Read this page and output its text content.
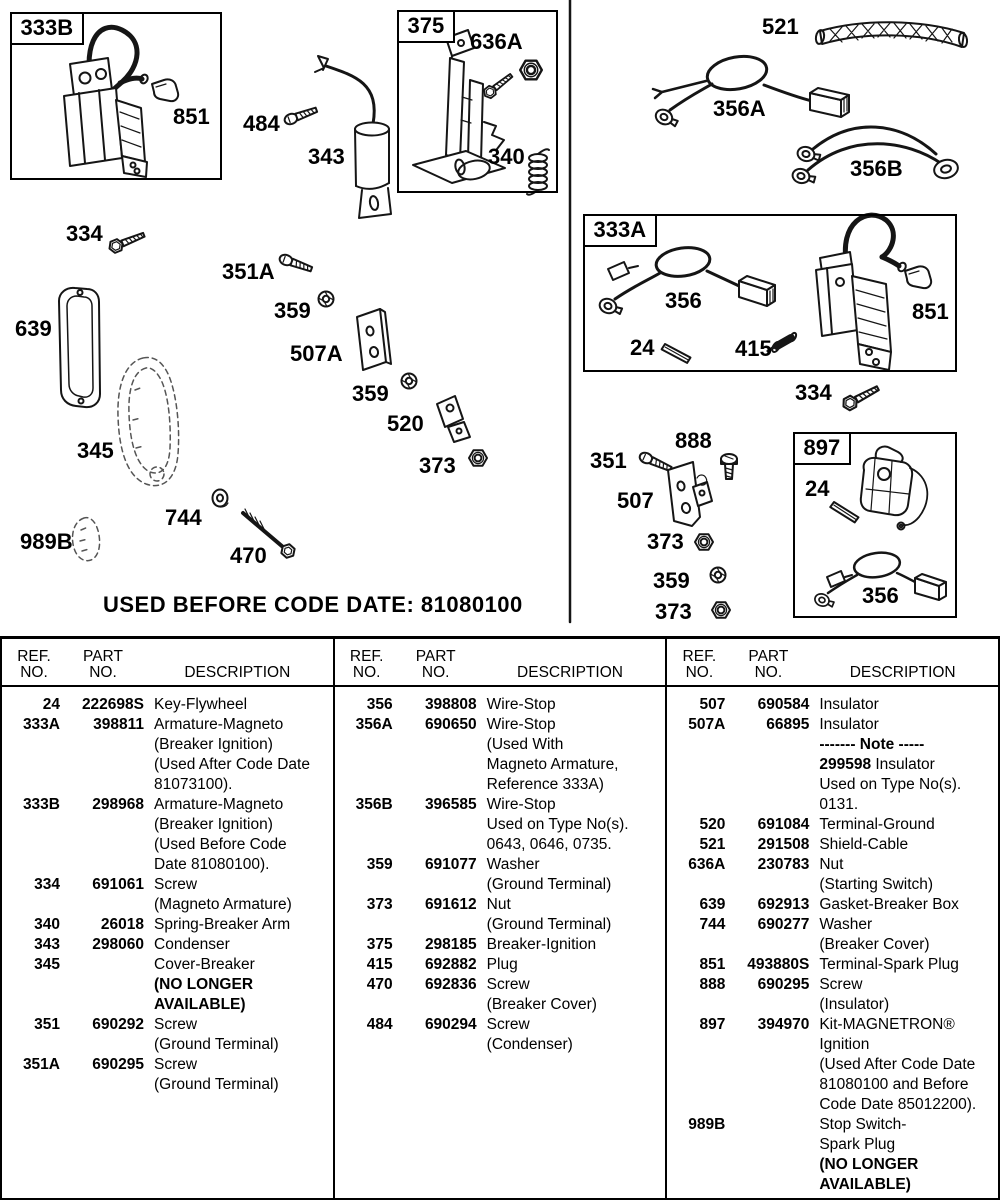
333B	375
333A
897
851 484
343
636A
340
521
356A
356B
356
24	415
851
334
334
639
351A
359
507A
359
520
373
345
744
470
989B
888
351
507
373
359
373
24
356
USED BEFORE CODE DATE: 81080100
REF.
NO.
PART
NO.	DESCRIPTION
24	222698S Key-Flywheel
333A	398811 Armature-Magneto
(Breaker Ignition)
(Used After Code Date
81073100).
333B	298968 Armature-Magneto
(Breaker Ignition)
(Used Before Code
Date 81080100).
334	691061 Screw
(Magneto Armature)
340	26018 Spring-Breaker Arm
343	298060 Condenser
345	Cover-Breaker
(NO LONGER
AVAILABLE)
351	690292 Screw
(Ground Terminal)
351A	690295 Screw
(Ground Terminal)
REF.
NO.
PART
NO.	DESCRIPTION
356	398808 Wire-Stop
356A	690650 Wire-Stop
(Used With
Magneto Armature,
Reference 333A)
356B	396585 Wire-Stop
Used on Type No(s).
0643, 0646, 0735.
359	691077 Washer
(Ground Terminal)
373	691612 Nut
(Ground Terminal)
375	298185 Breaker-Ignition
415	692882 Plug
470	692836 Screw
(Breaker Cover)
484	690294 Screw
(Condenser)
REF.
NO.
PART
NO.	DESCRIPTION
507	690584 Insulator
507A	66895 Insulator
------- Note -----
299598 Insulator
Used on Type No(s).
0131.
520	691084 Terminal-Ground
521	291508 Shield-Cable
636A	230783 Nut
(Starting Switch)
639	692913 Gasket-Breaker Box
744	690277 Washer
(Breaker Cover)
851	493880S Terminal-Spark Plug
888	690295 Screw
(Insulator)
897	394970 Kit-MAGNETRON®
Ignition
(Used After Code Date
81080100 and Before
Code Date 85012200).
989B	Stop Switch-
Spark Plug
(NO LONGER
AVAILABLE)
